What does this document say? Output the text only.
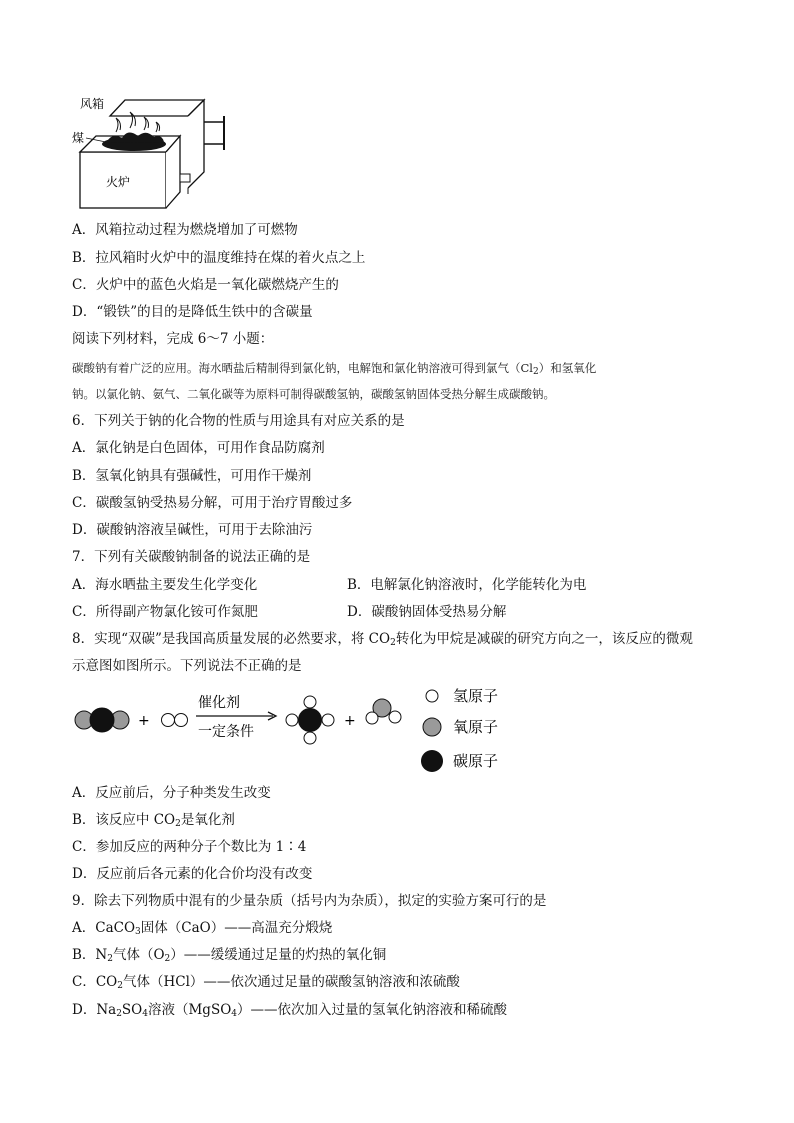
风箱
煤
火炉
A．风箱拉动过程为燃烧增加了可燃物
B．拉风箱时火炉中的温度维持在煤的着火点之上
C．火炉中的蓝色火焰是一氧化碳燃烧产生的
D．“锻铁”的目的是降低生铁中的含碳量
阅读下列材料，完成 6～7 小题：
碳酸钠有着广泛的应用。海水晒盐后精制得到氯化钠，电解饱和氯化钠溶液可得到氯气$(Cl_2)$和氢氧化
钠。以氯化钠、氨气、二氧化碳等为原料可制得碳酸氢钠，碳酸氢钠固体受热分解生成碳酸钠。
6．下列关于钠的化合物的性质与用途具有对应关系的是
A．氯化钠是白色固体，可用作食品防腐剂
B．氢氧化钠具有强碱性，可用作干燥剂
C．碳酸氢钠受热易分解，可用于治疗胃酸过多
D．碳酸钠溶液呈碱性，可用于去除油污
7．下列有关碳酸钠制备的说法正确的是
A．海水晒盐主要发生化学变化	B．电解氯化钠溶液时，化学能转化为电
C．所得副产物氯化铵可作氮肥	D．碳酸钠固体受热易分解
8．实现“双碳”是我国高质量发展的必然要求，将 $CO_2$转化为甲烷是减碳的研究方向之一，该反应的微观
示意图如图所示。下列说法不正确的是
+
催化剂
一定条件
+
氢原子
氧原子
碳原子
A．反应前后，分子种类发生改变
B．该反应中 $CO_2$是氧化剂
C．参加反应的两种分子个数比为 1∶4
D．反应前后各元素的化合价均没有改变
9．除去下列物质中混有的少量杂质（括号内为杂质），拟定的实验方案可行的是
A．CaCO$_3$固体（CaO）——高温充分煅烧
B．$N_2$气体$(O_2)——$缓缓通过足量的灼热的氧化铜
C．$CO_2$气体（HCl）——依次通过足量的碳酸氢钠溶液和浓硫酸
D．$Na_2SO_4$溶液（MgSO$_4$）——依次加入过量的氢氧化钠溶液和稀硫酸
